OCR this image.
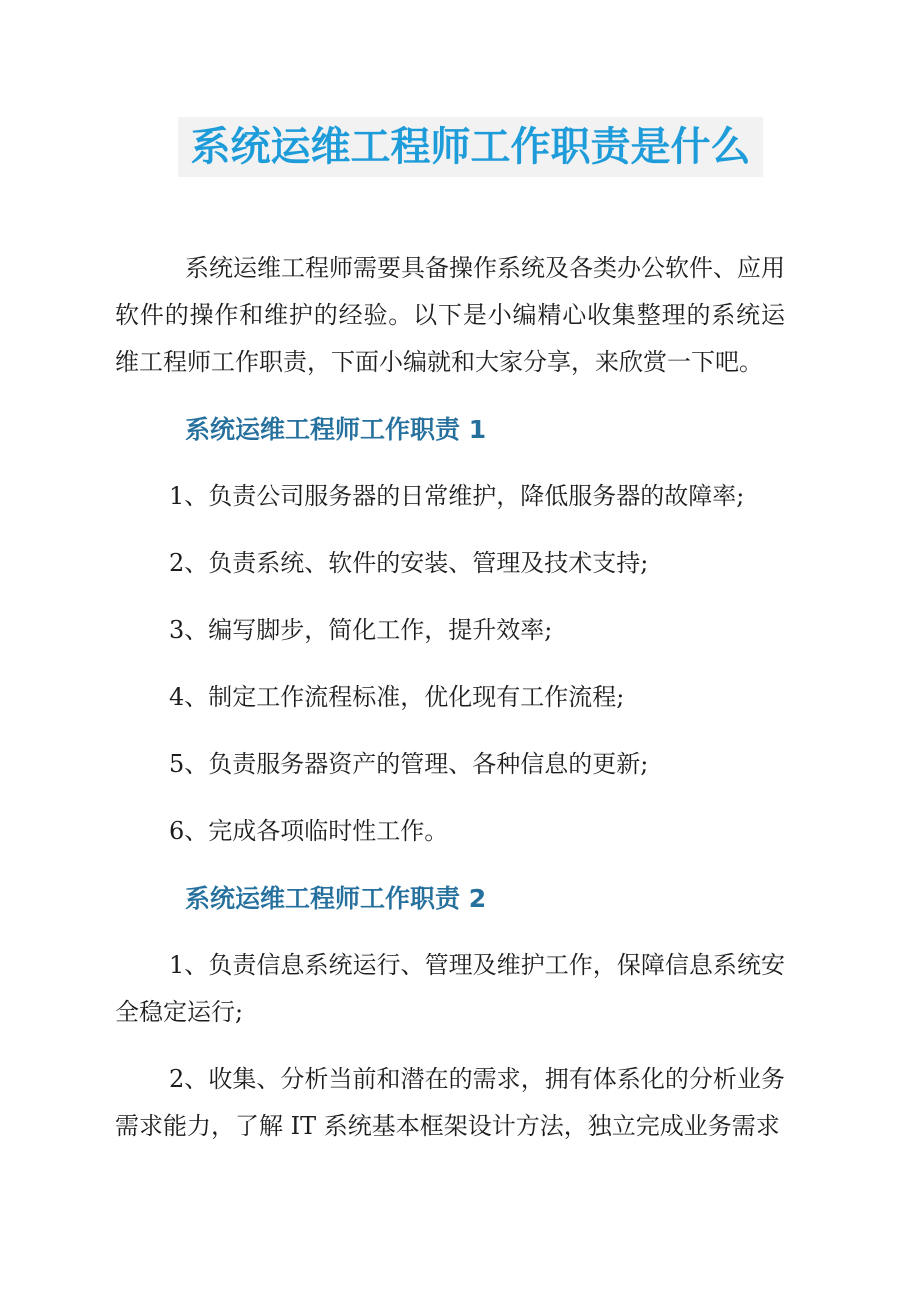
系统运维工程师工作职责是什么

系统运维工程师需要具备操作系统及各类办公软件、应用软件的操作和维护的经验。以下是小编精心收集整理的系统运维工程师工作职责，下面小编就和大家分享，来欣赏一下吧。

系统运维工程师工作职责 1

1、负责公司服务器的日常维护，降低服务器的故障率;

2、负责系统、软件的安装、管理及技术支持;

3、编写脚步，简化工作，提升效率;

4、制定工作流程标准，优化现有工作流程;

5、负责服务器资产的管理、各种信息的更新;

6、完成各项临时性工作。

系统运维工程师工作职责 2

1、负责信息系统运行、管理及维护工作，保障信息系统安全稳定运行;

2、收集、分析当前和潜在的需求，拥有体系化的分析业务需求能力，了解 IT 系统基本框架设计方法，独立完成业务需求
